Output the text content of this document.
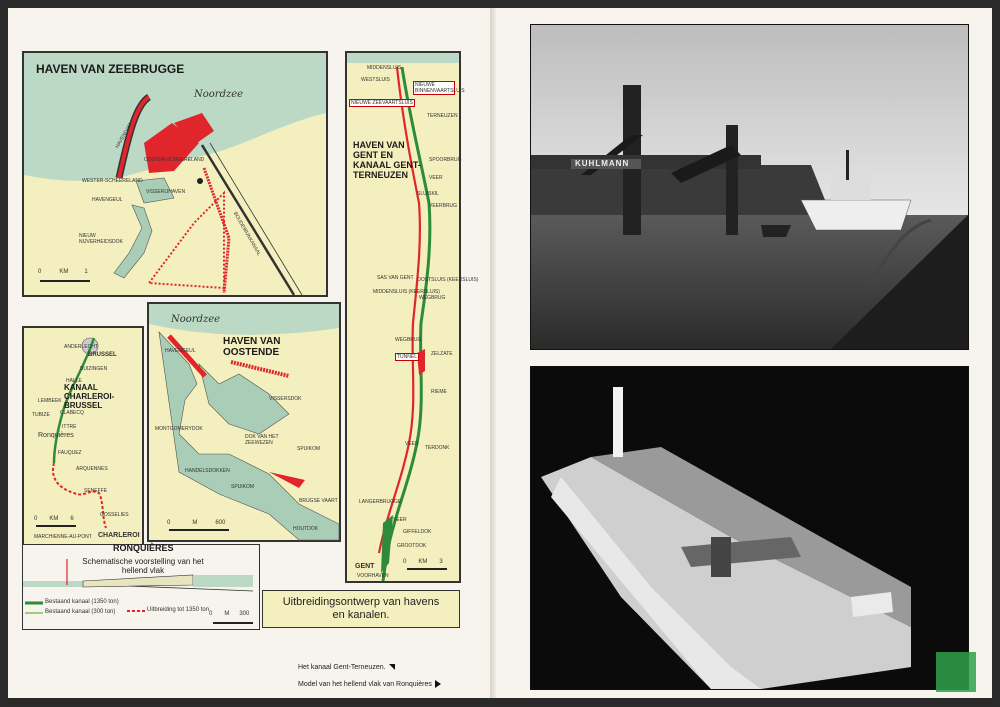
HAVEN VAN ZEEBRUGGE
Noordzee
HAVENDAM
OOSTER-SCHEERELAND
WESTER-SCHEERELAND
HAVENGEUL
VISSERIJHAVEN
NIEUW NIJVERHEIDSDOK	BOUDEWIJNKANAAL
0	KM	1
HAVEN VAN GENT EN KANAAL GENT-TERNEUZEN
NIEUWE ZEEVAARTSLUIS
NIEUWE BINNENVAARTSLUIS
MIDDENSLUIS
WESTSLUIS
TERNEUZEN
SPOORBRUG
VEER
SLUISKIL
VEERBRUG
SAS VAN GENT OOSTSLUIS (KEERSLUIS)
MIDDENSLUIS (KEERSLUIS)
WEGBRUG
WEGBRUG
ZELZATE
TUNNEL
RIEME
VEER
TERDONK
LANGERBRUGGE
VEER
GIFFELDOK
GROOTDOK
GENT
VOORHAVEN
0 KM 3
BRUSSEL
KANAAL CHARLEROI-BRUSSEL
Ronquières
ANDERLECHT
BUIZINGEN
HALLE
LEMBEEK
TUBIZE CLABECQ
ITTRE
FAUQUEZ
ARQUENNES
SENEFFE
MARCHIENNE-AU-PONT
GOSSELIES
0 KM 6
CHARLEROI
Noordzee
HAVEN VAN OOSTENDE
HAVENGEUL
VISSERSDOK
MONTGOMERYDOK
HANDELSDOKKEN
DOK VAN HET ZEEWEZEN
SPUIKOM
SPUIKOM
BRUGSE VAART
HOUTDOK
0	M	600
RONQUIÈRES
Schematische voorstelling van het hellend vlak
Bestaand kanaal (1350 ton)
Bestaand kanaal (300 ton)	Uitbreiding tot 1350 ton
0 M 300
Uitbreidingsontwerp van havens en kanalen.
Het kanaal Gent-Terneuzen.
Model van het hellend vlak van Ronquières
KUHLMANN
